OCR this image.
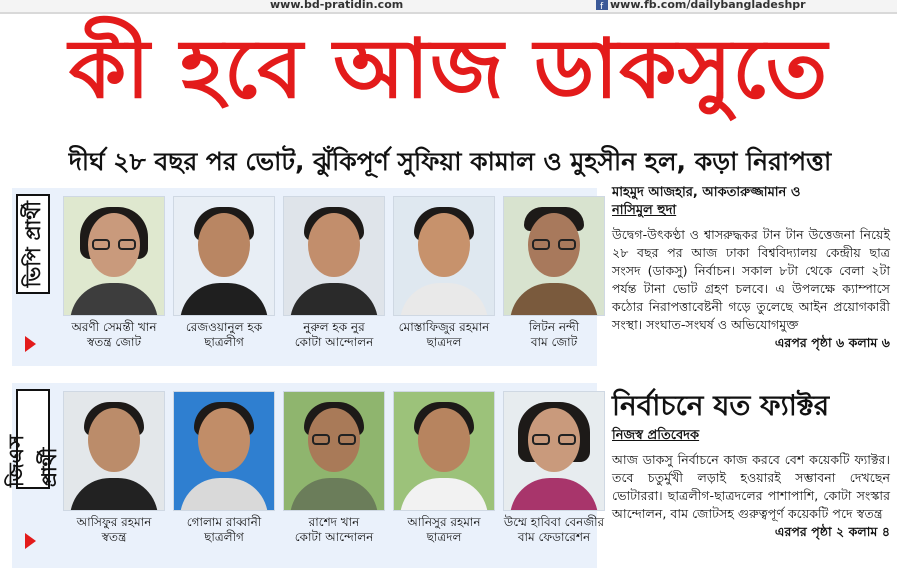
www.bd-pratidin.com	f www.fb.com/dailybangladeshpr
কী হবে আজ ডাকসুতে
দীর্ঘ ২৮ বছর পর ভোট, ঝুঁকিপূর্ণ সুফিয়া কামাল ও মুহসীন হল, কড়া নিরাপত্তা
ভিপি প্রার্থী
অরণী সেমন্তী খান
স্বতন্ত্র জোট
রেজওয়ানুল হক
ছাত্রলীগ
নুরুল হক নুর
কোটা আন্দোলন
মোস্তাফিজুর রহমান
ছাত্রদল
লিটন নন্দী
বাম জোট
জিএস প্রার্থী
আসিফুর রহমান
স্বতন্ত্র
গোলাম রাব্বানী
ছাত্রলীগ
রাশেদ খান
কোটা আন্দোলন
আনিসুর রহমান
ছাত্রদল
উম্মে হাবিবা বেনজীর
বাম ফেডারেশন
মাহমুদ আজহার, আকতারুজ্জামান ও
নাসিমুল হুদা
উদ্বেগ-উৎকণ্ঠা ও শ্বাসরুদ্ধকর টান টান উত্তেজনা নিয়েই ২৮ বছর পর আজ ঢাকা বিশ্ববিদ্যালয় কেন্দ্রীয় ছাত্র সংসদ (ডাকসু) নির্বাচন। সকাল ৮টা থেকে বেলা ২টা পর্যন্ত টানা ভোট গ্রহণ চলবে। এ উপলক্ষে ক্যাম্পাসে কঠোর নিরাপত্তাবেষ্টনী গড়ে তুলেছে আইন প্রয়োগকারী সংস্থা। সংঘাত-সংঘর্ষ ও অভিযোগমুক্ত
এরপর পৃষ্ঠা ৬ কলাম ৬
নির্বাচনে যত ফ্যাক্টর
নিজস্ব প্রতিবেদক
আজ ডাকসু নির্বাচনে কাজ করবে বেশ কয়েকটি ফ্যাক্টর। তবে চতুর্মুখী লড়াই হওয়ারই সম্ভাবনা দেখছেন ভোটাররা। ছাত্রলীগ-ছাত্রদলের পাশাপাশি, কোটা সংস্কার আন্দোলন, বাম জোটসহ গুরুত্বপূর্ণ কয়েকটি পদে স্বতন্ত্র
এরপর পৃষ্ঠা ২ কলাম ৪
